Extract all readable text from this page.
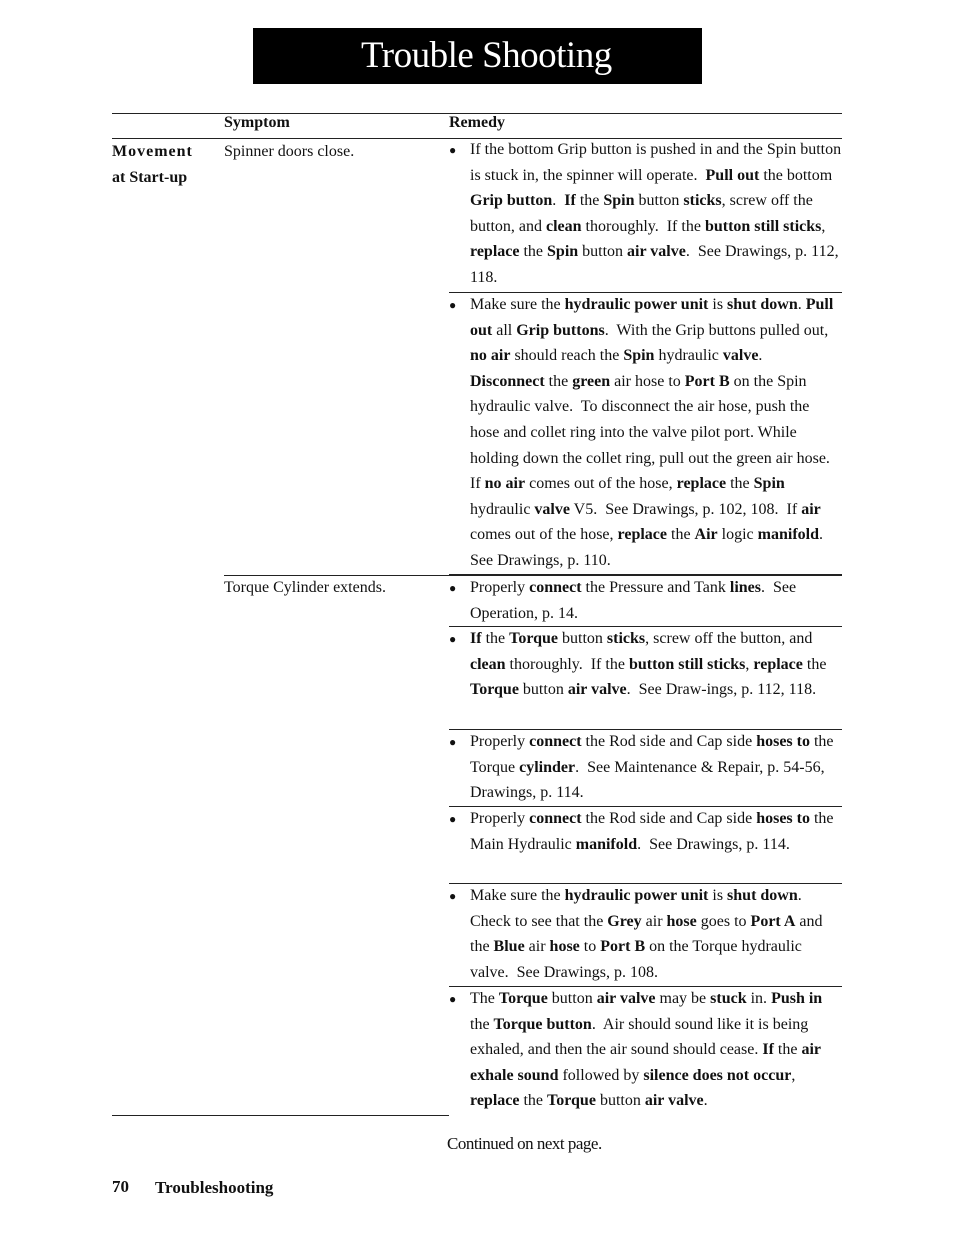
Trouble Shooting
Symptom	Remedy
Movement
at Start-up
Spinner doors close.
Torque Cylinder extends.
● If the bottom Grip button is pushed in and the Spin button is stuck in, the spinner will operate.  Pull out the bottom Grip button.  If the Spin button sticks, screw off the button, and clean thoroughly.  If the button still sticks, replace the Spin button air valve.  See Drawings, p. 112, 118.
● Make sure the hydraulic power unit is shut down. Pull out all Grip buttons.  With the Grip buttons pulled out, no air should reach the Spin hydraulic valve.  Disconnect the green air hose to Port B on the Spin hydraulic valve.  To disconnect the air hose, push the hose and collet ring into the valve pilot port. While holding down the collet ring, pull out the green air hose.  If no air comes out of the hose, replace the Spin hydraulic valve V5.  See Drawings, p. 102, 108.  If air comes out of the hose, replace the Air logic manifold.  See Drawings, p. 110.
● Properly connect the Pressure and Tank lines.  See Operation, p. 14.
● If the Torque button sticks, screw off the button, and clean thoroughly.  If the button still sticks, replace the Torque button air valve.  See Draw-ings, p. 112, 118.
● Properly connect the Rod side and Cap side hoses to the Torque cylinder.  See Maintenance & Repair, p. 54-56, Drawings, p. 114.
● Properly connect the Rod side and Cap side hoses to the Main Hydraulic manifold.  See Drawings, p. 114.
● Make sure the hydraulic power unit is shut down. Check to see that the Grey air hose goes to Port A and the Blue air hose to Port B on the Torque hydraulic valve.  See Drawings, p. 108.
● The Torque button air valve may be stuck in. Push in the Torque button.  Air should sound like it is being exhaled, and then the air sound should cease. If the air exhale sound followed by silence does not occur, replace the Torque button air valve.
Continued on next page.
70 Troubleshooting
